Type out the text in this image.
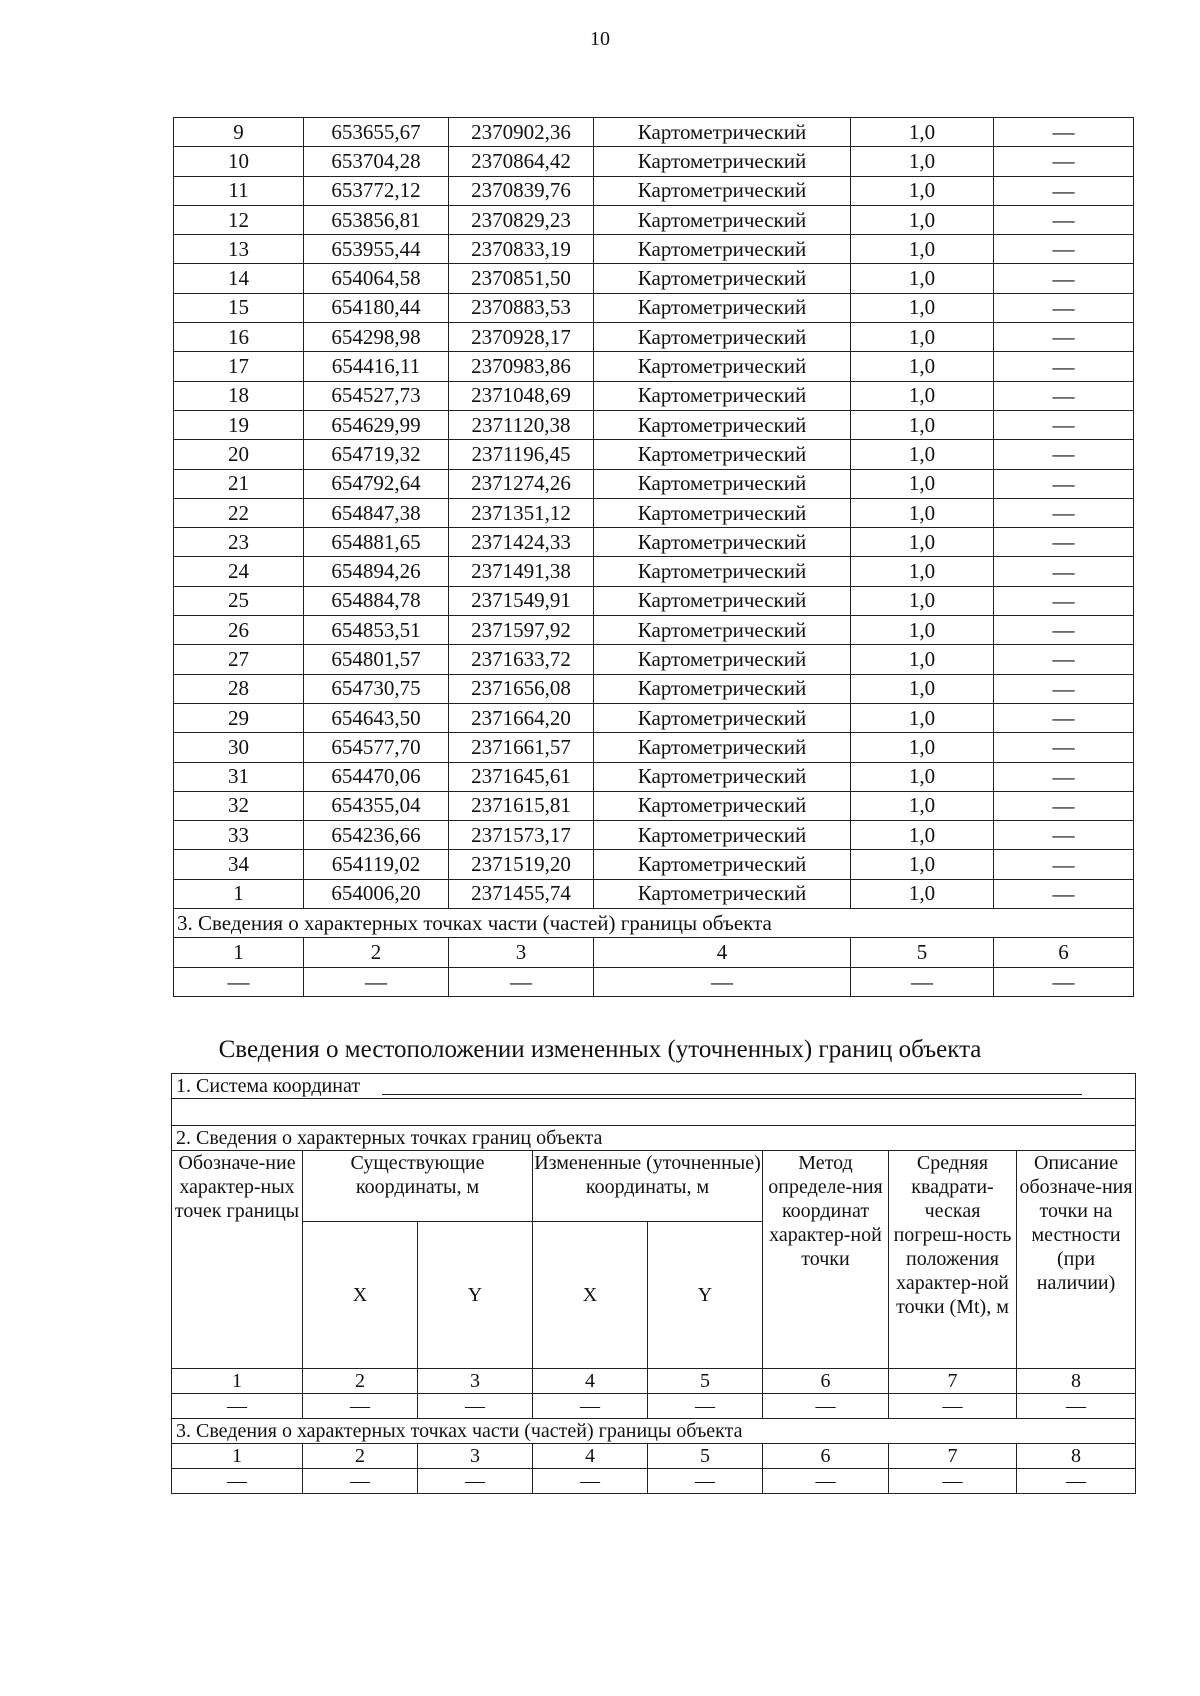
10
9	653655,67	2370902,36	Картометрический	1,0	—
10	653704,28	2370864,42	Картометрический	1,0	—
11	653772,12	2370839,76	Картометрический	1,0	—
12	653856,81	2370829,23	Картометрический	1,0	—
13	653955,44	2370833,19	Картометрический	1,0	—
14	654064,58	2370851,50	Картометрический	1,0	—
15	654180,44	2370883,53	Картометрический	1,0	—
16	654298,98	2370928,17	Картометрический	1,0	—
17	654416,11	2370983,86	Картометрический	1,0	—
18	654527,73	2371048,69	Картометрический	1,0	—
19	654629,99	2371120,38	Картометрический	1,0	—
20	654719,32	2371196,45	Картометрический	1,0	—
21	654792,64	2371274,26	Картометрический	1,0	—
22	654847,38	2371351,12	Картометрический	1,0	—
23	654881,65	2371424,33	Картометрический	1,0	—
24	654894,26	2371491,38	Картометрический	1,0	—
25	654884,78	2371549,91	Картометрический	1,0	—
26	654853,51	2371597,92	Картометрический	1,0	—
27	654801,57	2371633,72	Картометрический	1,0	—
28	654730,75	2371656,08	Картометрический	1,0	—
29	654643,50	2371664,20	Картометрический	1,0	—
30	654577,70	2371661,57	Картометрический	1,0	—
31	654470,06	2371645,61	Картометрический	1,0	—
32	654355,04	2371615,81	Картометрический	1,0	—
33	654236,66	2371573,17	Картометрический	1,0	—
34	654119,02	2371519,20	Картометрический	1,0	—
1	654006,20	2371455,74	Картометрический	1,0	—
3. Сведения о характерных точках части (частей) границы объекта					
1	2	3	4	5	6
—	—	—	—	—	—
Сведения о местоположении измененных (уточненных) границ объекта
1. Система координат							

2. Сведения о характерных точках границ объекта							
Обозначе-ние характер-ных точек границы	Существующие координаты, м		Измененные (уточненные) координаты, м		Метод определе-ния координат характер-ной точки	Средняя квадрати-ческая погреш-ность положения характер-ной точки (Mt), м	Описание обозначе-ния точки на местности (при наличии)
	X	Y	X	Y			
1	2	3	4	5	6	7	8
—	—	—	—	—	—	—	—
3. Сведения о характерных точках части (частей) границы объекта							
1	2	3	4	5	6	7	8
—	—	—	—	—	—	—	—
